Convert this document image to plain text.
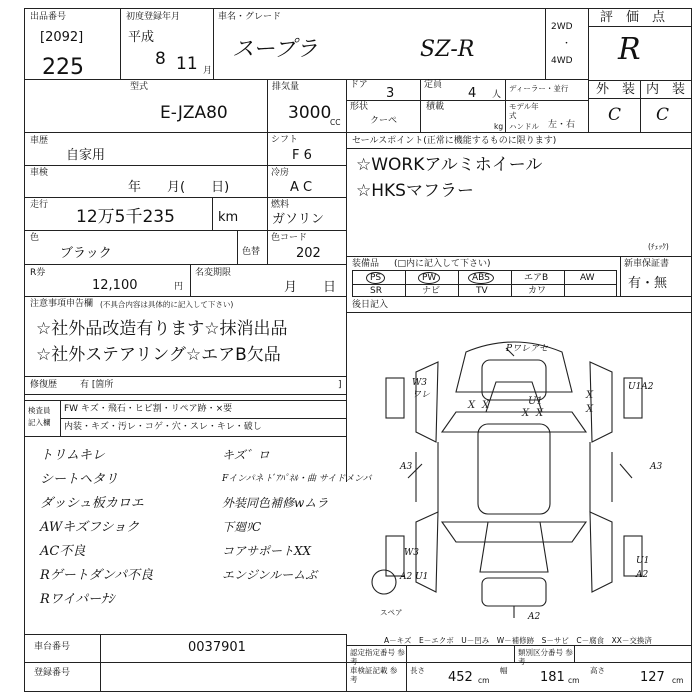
出品番号
[2092]
225
初度登録年月
平成
8 11 月
車名・グレード
スープラ	SZ-R
2WD
・
4WD
評　価　点
R
外　装 内　装
C C
型式
E-JZA80
排気量
3000
CC
ドア
3
定員
4 人
ディーラー・並行
形状
クーペ
積載
kg
モデル年式
ハンドル 左・右
車歴
自家用
シフト
F 6
車検
年　　月(　　日)
冷房
A C
走行
12万5千235	km
燃料
ガソリン
色
ブラック	色替
色コード
202
R券
12,100	円
名変期限
月　　日
注意事項申告欄 (不具合内容は具体的に記入して下さい)
☆社外品改造有ります☆抹消出品
☆社外ステアリング☆エアB欠品
修復歴	有 [箇所	]
セールスポイント(正常に機能するものに限ります)
☆WORKアルミホイール
☆HKSマフラー
(ﾁｪｯｸ)
装備品 (□内に記入して下さい)	新車保証書
有・無
PS	PW	ABS	エアB	AW
SR	ナビ	TV	カワ
後日記入
検査員
記入欄
FW キズ・飛石・ヒビ割・リペア跡・×要
内装・キズ・汚レ・コゲ・穴・スレ・キレ・破し
トリムキレ
シートヘタリ
ダッシュ板カロエ
AWキズフショク
AC不良
Rゲートダンパ不良
Rワイパーﾅｼ
キズ゛ロ
Fインパネ ﾄﾞｱﾊﾟﾈﾙ・曲 サイドメンバ
外装同色補修wムラ
下廻ﾘC
コアサポートXX
エンジンルームぶ
X X	U1
X X
X
X
Pワレアセ
W3
ワレ
A3
U1A2
A3
W3
A2 U1
U1
A2
A2
スペア
A－キズ　E－エクボ　U－凹み　W－補修跡　S－サビ　C－腐食　XX－交換済
車台番号	0037901
登録番号
認定指定番号 参考
類別区分番号 参考
車検証記載 参考
長さ 452 cm
幅	181 cm
高さ	127 cm
